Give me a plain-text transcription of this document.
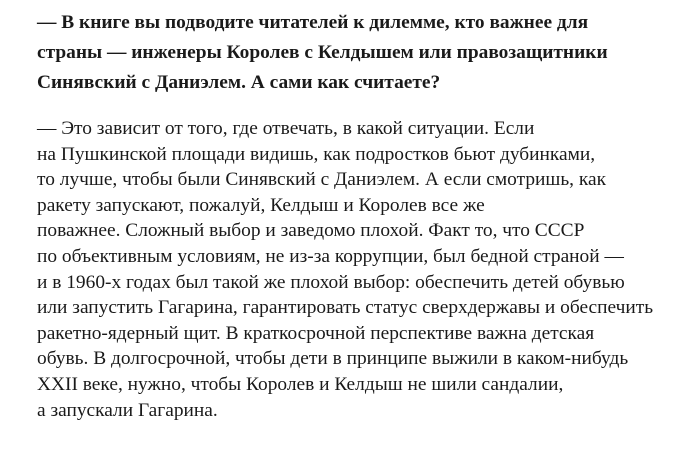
— В книге вы подводите читателей к дилемме, кто важнее для
страны — инженеры Королев с Келдышем или правозащитники
Синявский с Даниэлем. А сами как считаете?

— Это зависит от того, где отвечать, в какой ситуации. Если
на Пушкинской площади видишь, как подростков бьют дубинками,
то лучше, чтобы были Синявский с Даниэлем. А если смотришь, как
ракету запускают, пожалуй, Келдыш и Королев все же
поважнее. Сложный выбор и заведомо плохой. Факт то, что СССР
по объективным условиям, не из-за коррупции, был бедной страной —
и в 1960-х годах был такой же плохой выбор: обеспечить детей обувью
или запустить Гагарина, гарантировать статус сверхдержавы и обеспечить
ракетно-ядерный щит. В краткосрочной перспективе важна детская
обувь. В долгосрочной, чтобы дети в принципе выжили в каком-нибудь
XXII веке, нужно, чтобы Королев и Келдыш не шили сандалии,
а запускали Гагарина.
